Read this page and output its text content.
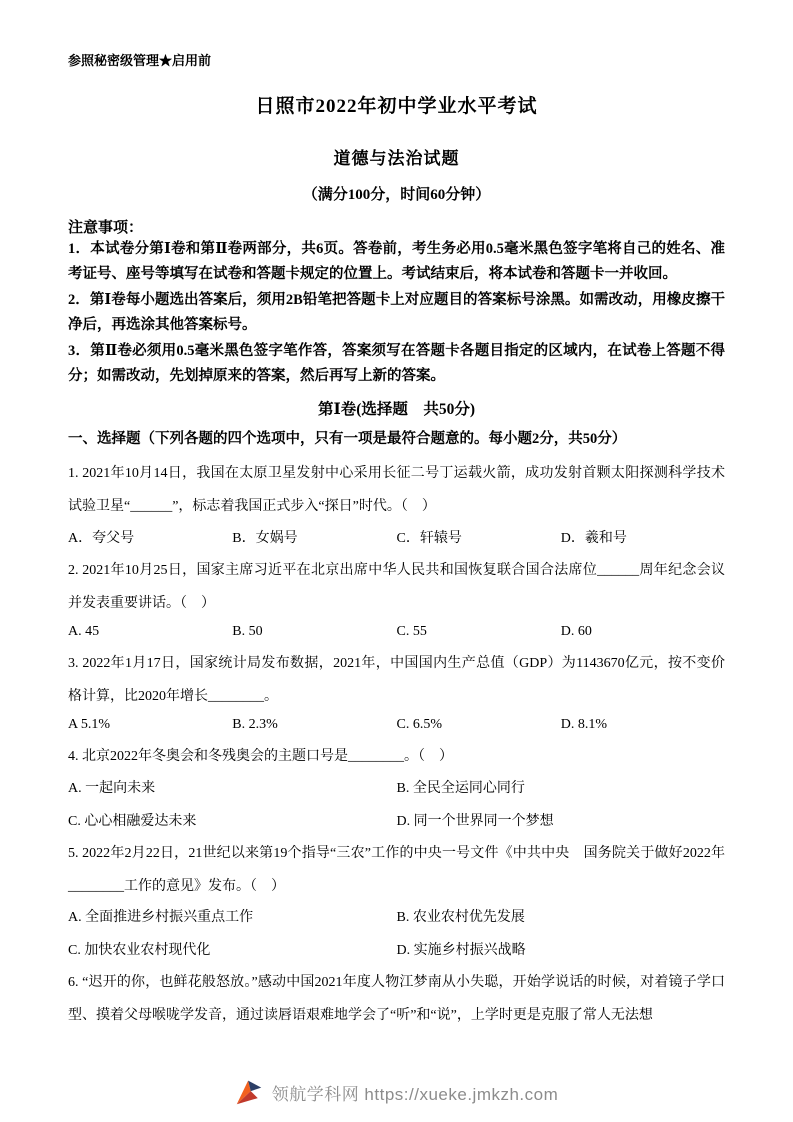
参照秘密级管理★启用前
日照市2022年初中学业水平考试
道德与法治试题
（满分100分，时间60分钟）
注意事项：

1．本试卷分第Ⅰ卷和第Ⅱ卷两部分，共6页。答卷前，考生务必用0.5毫米黑色签字笔将自己的姓名、准考证号、座号等填写在试卷和答题卡规定的位置上。考试结束后，将本试卷和答题卡一并收回。

2．第Ⅰ卷每小题选出答案后，须用2B铅笔把答题卡上对应题目的答案标号涂黑。如需改动，用橡皮擦干净后，再选涂其他答案标号。

3．第Ⅱ卷必须用0.5毫米黑色签字笔作答，答案须写在答题卡各题目指定的区域内，在试卷上答题不得分；如需改动，先划掉原来的答案，然后再写上新的答案。

第Ⅰ卷(选择题　共50分)
一、选择题（下列各题的四个选项中，只有一项是最符合题意的。每小题2分，共50分）

1. 2021年10月14日，我国在太原卫星发射中心采用长征二号丁运载火箭，成功发射首颗太阳探测科学技术试验卫星“______”，标志着我国正式步入“探日”时代。（　）

A．夸父号	B．女娲号	C．轩辕号	D．羲和号

2. 2021年10月25日，国家主席习近平在北京出席中华人民共和国恢复联合国合法席位______周年纪念会议并发表重要讲话。（　）

A. 45	B. 50	C. 55	D. 60

3. 2022年1月17日，国家统计局发布数据，2021年，中国国内生产总值（GDP）为1143670亿元，按不变价格计算，比2020年增长________。

A 5.1%	B. 2.3%	C. 6.5%	D. 8.1%

4. 北京2022年冬奥会和冬残奥会的主题口号是________。（　）

A. 一起向未来	B. 全民全运同心同行
C. 心心相融爱达未来	D. 同一个世界同一个梦想

5. 2022年2月22日，21世纪以来第19个指导“三农”工作的中央一号文件《中共中央　国务院关于做好2022年________工作的意见》发布。（　）

A. 全面推进乡村振兴重点工作	B. 农业农村优先发展
C. 加快农业农村现代化	D. 实施乡村振兴战略

6. “迟开的你，也鲜花般怒放。”感动中国2021年度人物江梦南从小失聪，开始学说话的时候，对着镜子学口型、摸着父母喉咙学发音，通过读唇语艰难地学会了“听”和“说”，上学时更是克服了常人无法想

领航学科网 https://xueke.jmkzh.com
